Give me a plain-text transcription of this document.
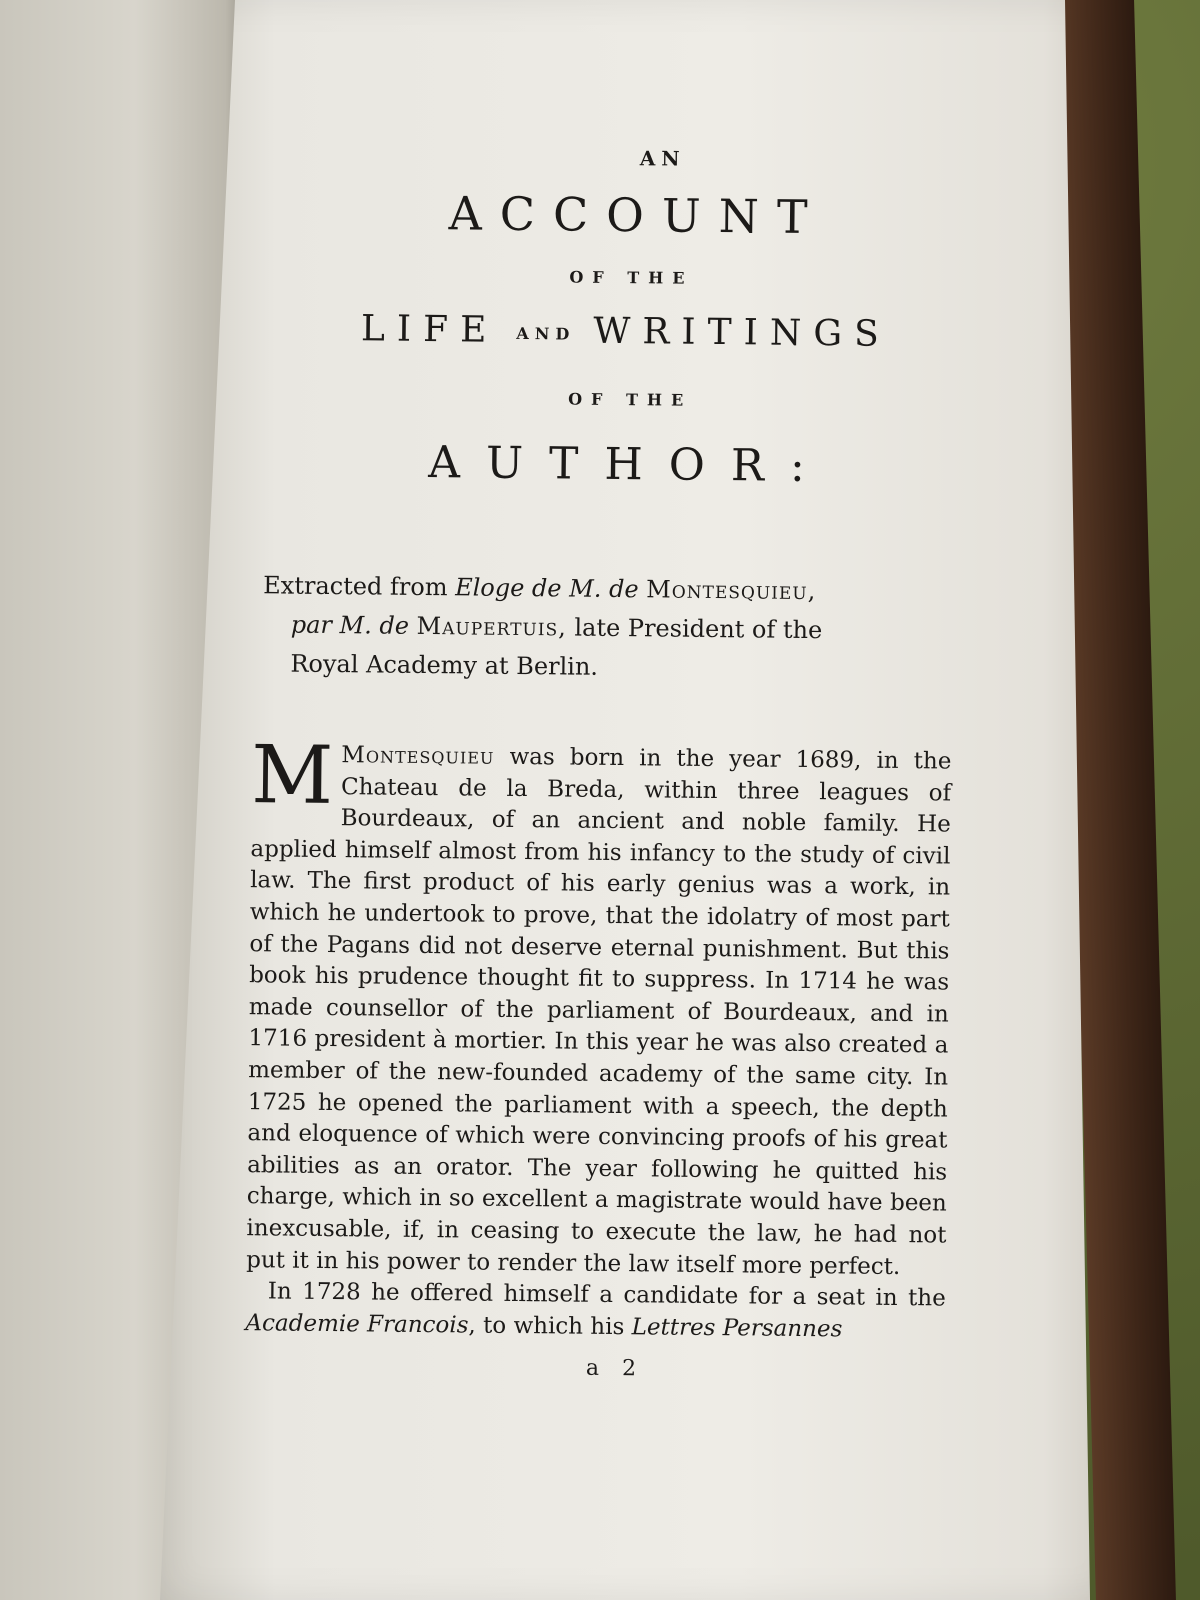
AN
ACCOUNT
OF THE
LIFE AND WRITINGS
OF THE
AUTHOR:
Extracted from Eloge de M. de Montesquieu,
par M. de Maupertuis, late President of the
Royal Academy at Berlin.

M Montesquieu was born in the year 1689, in the Chateau de la Breda, within three leagues of Bourdeaux, of an ancient and noble family. He applied himself almost from his infancy to the study of civil law. The first product of his early genius was a work, in which he undertook to prove, that the idolatry of most part of the Pagans did not deserve eternal punishment. But this book his prudence thought fit to suppress. In 1714 he was made counsellor of the parliament of Bourdeaux, and in 1716 president à mortier. In this year he was also created a member of the new-founded academy of the same city. In 1725 he opened the parliament with a speech, the depth and eloquence of which were convincing proofs of his great abilities as an orator. The year following he quitted his charge, which in so excellent a magistrate would have been inexcusable, if, in ceasing to execute the law, he had not put it in his power to render the law itself more perfect.

In 1728 he offered himself a candidate for a seat in the Academie Francois, to which his Lettres Persannes

a 2
